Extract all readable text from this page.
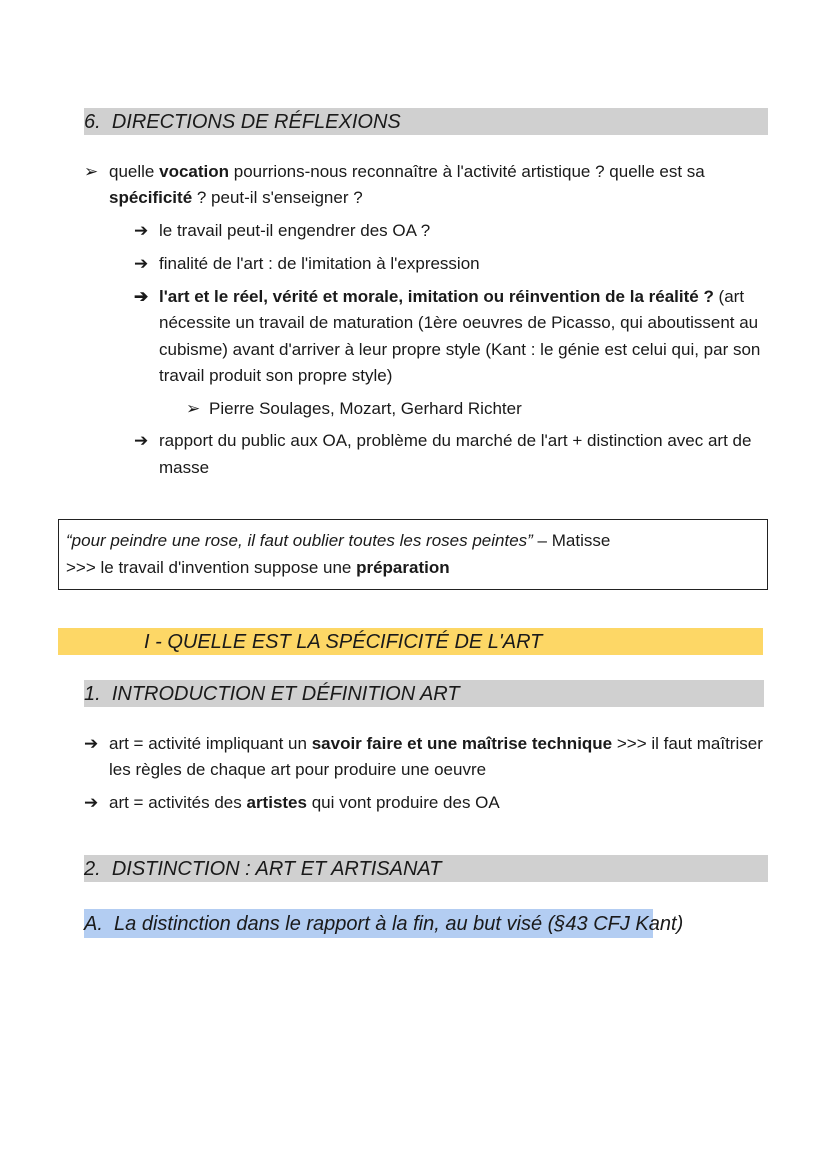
6. DIRECTIONS DE RÉFLEXIONS
➢ quelle vocation pourrions-nous reconnaître à l'activité artistique ? quelle est sa
spécificité ? peut-il s'enseigner ?
➔ le travail peut-il engendrer des OA ?
➔ finalité de l'art : de l'imitation à l'expression
➔ l'art et le réel, vérité et morale, imitation ou réinvention de la réalité ? (art
nécessite un travail de maturation (1ère oeuvres de Picasso, qui aboutissent au
cubisme) avant d'arriver à leur propre style (Kant : le génie est celui qui, par son
travail produit son propre style)
➢ Pierre Soulages, Mozart, Gerhard Richter
➔ rapport du public aux OA, problème du marché de l'art + distinction avec art de
masse
“pour peindre une rose, il faut oublier toutes les roses peintes” – Matisse
>>> le travail d'invention suppose une préparation
I - QUELLE EST LA SPÉCIFICITÉ DE L'ART
1. INTRODUCTION ET DÉFINITION ART
➔ art = activité impliquant un savoir faire et une maîtrise technique >>> il faut maîtriser
les règles de chaque art pour produire une oeuvre
➔ art = activités des artistes qui vont produire des OA
2. DISTINCTION : ART ET ARTISANAT
A. La distinction dans le rapport à la fin, au but visé (§43 CFJ Kant)
